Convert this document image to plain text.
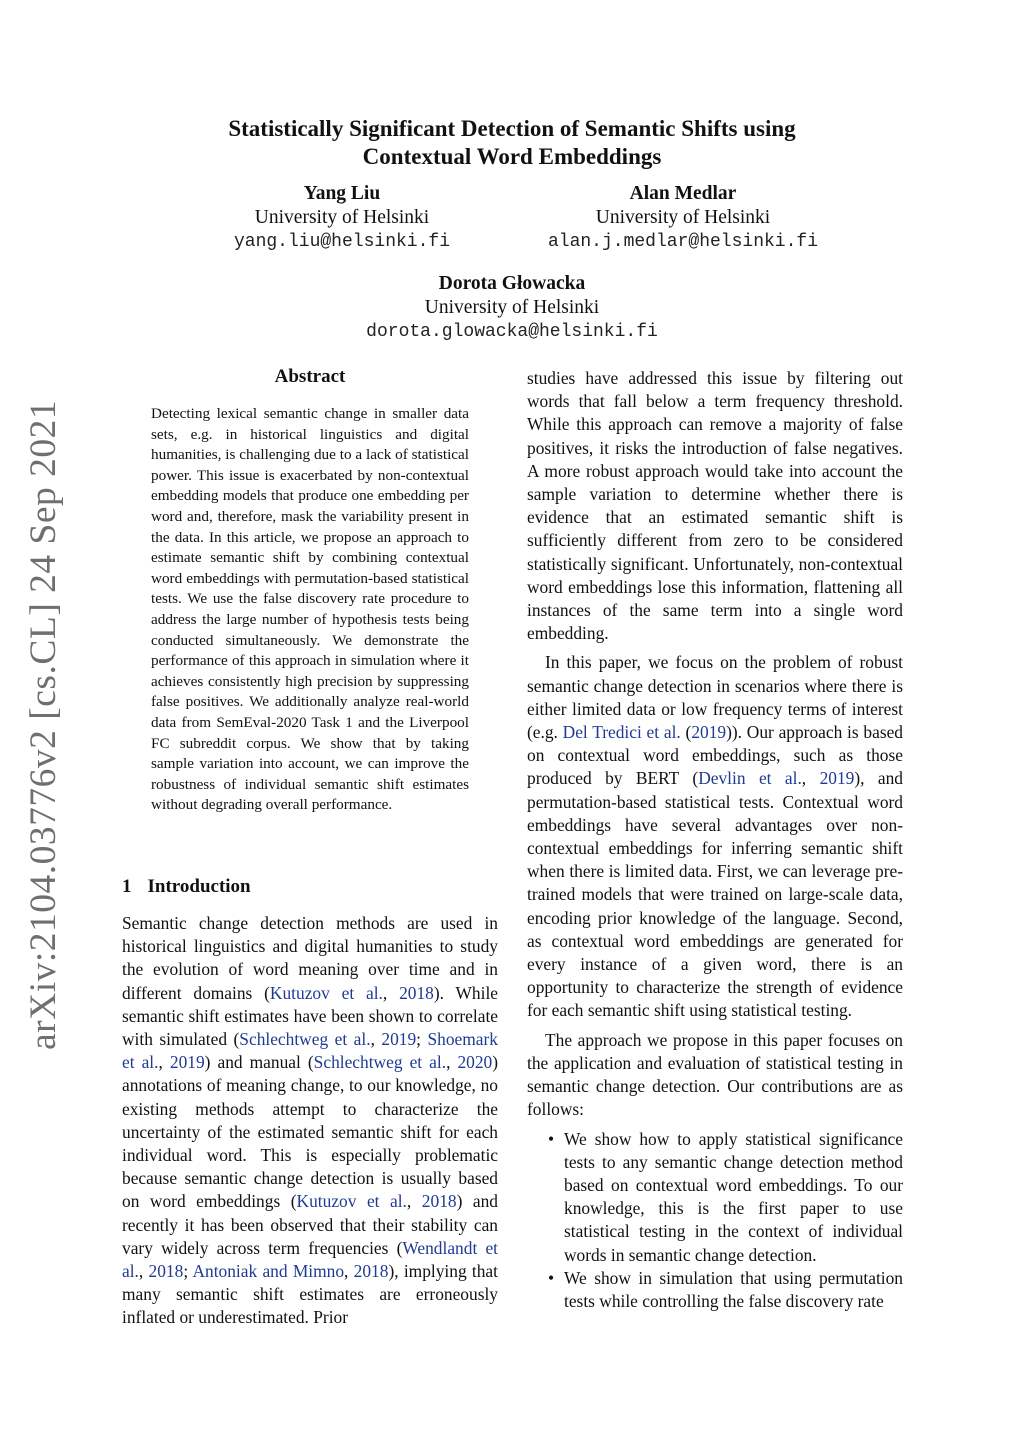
arXiv:2104.03776v2 [cs.CL] 24 Sep 2021
Statistically Significant Detection of Semantic Shifts using
Contextual Word Embeddings
Yang Liu
University of Helsinki
yang.liu@helsinki.fi
Alan Medlar
University of Helsinki
alan.j.medlar@helsinki.fi
Dorota Głowacka
University of Helsinki
dorota.glowacka@helsinki.fi
Abstract
Detecting lexical semantic change in smaller data sets, e.g. in historical linguistics and digital humanities, is challenging due to a lack of statistical power. This issue is exacerbated by non-contextual embedding models that produce one embedding per word and, therefore, mask the variability present in the data. In this article, we propose an approach to estimate semantic shift by combining contextual word embeddings with permutation-based statistical tests. We use the false discovery rate procedure to address the large number of hypothesis tests being conducted simultaneously. We demonstrate the performance of this approach in simulation where it achieves consistently high precision by suppressing false positives. We additionally analyze real-world data from SemEval-2020 Task 1 and the Liverpool FC subreddit corpus. We show that by taking sample variation into account, we can improve the robustness of individual semantic shift estimates without degrading overall performance.
1 Introduction

Semantic change detection methods are used in historical linguistics and digital humanities to study the evolution of word meaning over time and in different domains (Kutuzov et al., 2018). While semantic shift estimates have been shown to correlate with simulated (Schlechtweg et al., 2019; Shoemark et al., 2019) and manual (Schlechtweg et al., 2020) annotations of meaning change, to our knowledge, no existing methods attempt to characterize the uncertainty of the estimated semantic shift for each individual word. This is especially problematic because semantic change detection is usually based on word embeddings (Kutuzov et al., 2018) and recently it has been observed that their stability can vary widely across term frequencies (Wendlandt et al., 2018; Antoniak and Mimno, 2018), implying that many semantic shift estimates are erroneously inflated or underestimated. Prior

studies have addressed this issue by filtering out words that fall below a term frequency threshold. While this approach can remove a majority of false positives, it risks the introduction of false negatives. A more robust approach would take into account the sample variation to determine whether there is evidence that an estimated semantic shift is sufficiently different from zero to be considered statistically significant. Unfortunately, non-contextual word embeddings lose this information, flattening all instances of the same term into a single word embedding.

In this paper, we focus on the problem of robust semantic change detection in scenarios where there is either limited data or low frequency terms of interest (e.g. Del Tredici et al. (2019)). Our approach is based on contextual word embeddings, such as those produced by BERT (Devlin et al., 2019), and permutation-based statistical tests. Contextual word embeddings have several advantages over non-contextual embeddings for inferring semantic shift when there is limited data. First, we can leverage pre-trained models that were trained on large-scale data, encoding prior knowledge of the language. Second, as contextual word embeddings are generated for every instance of a given word, there is an opportunity to characterize the strength of evidence for each semantic shift using statistical testing.

The approach we propose in this paper focuses on the application and evaluation of statistical testing in semantic change detection. Our contributions are as follows:

• We show how to apply statistical significance tests to any semantic change detection method based on contextual word embeddings. To our knowledge, this is the first paper to use statistical testing in the context of individual words in semantic change detection.
• We show in simulation that using permutation tests while controlling the false discovery rate
